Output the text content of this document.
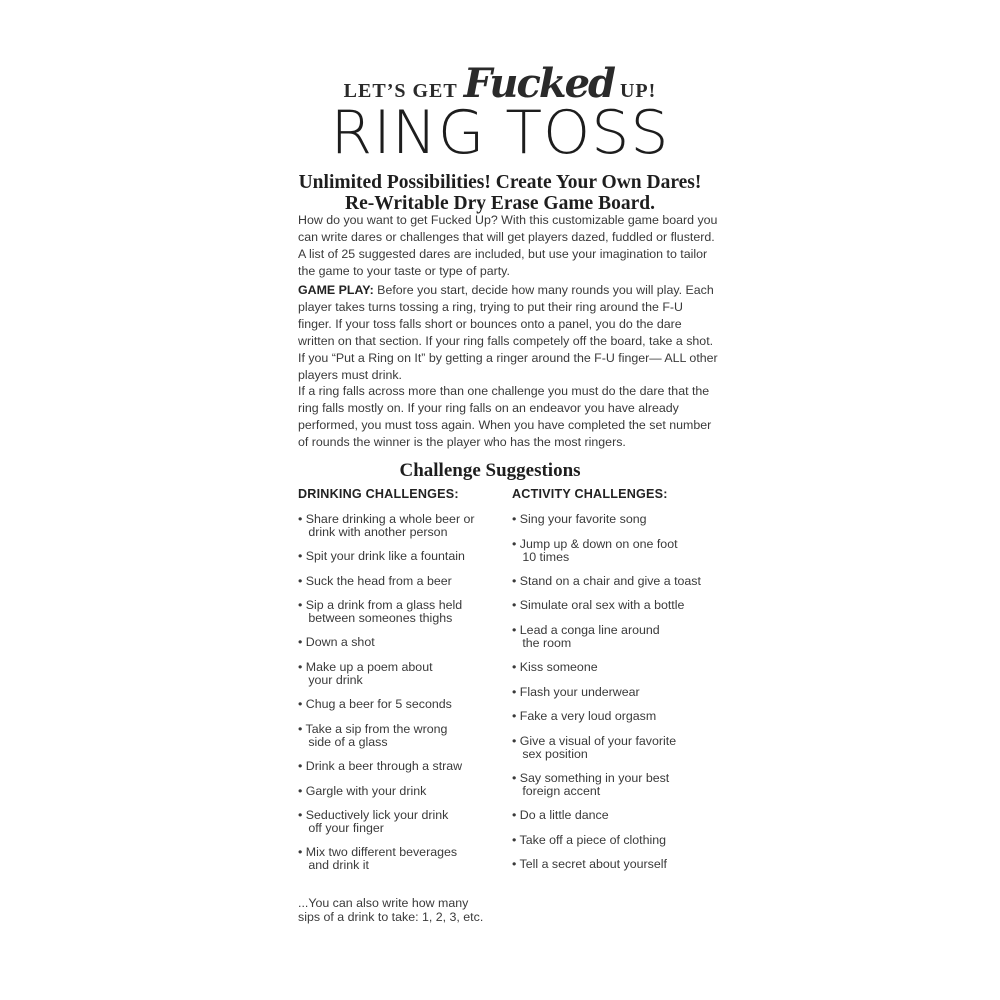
LET’S GET Fucked UP!
RING TOSS
Unlimited Possibilities! Create Your Own Dares!
Re-Writable Dry Erase Game Board.

How do you want to get Fucked Up? With this customizable game board you can write dares or challenges that will get players dazed, fuddled or flusterd. A list of 25 suggested dares are included, but use your imagination to tailor the game to your taste or type of party.

GAME PLAY: Before you start, decide how many rounds you will play. Each player takes turns tossing a ring, trying to put their ring around the F-U finger. If your toss falls short or bounces onto a panel, you do the dare written on that section. If your ring falls competely off the board, take a shot. If you “Put a Ring on It” by getting a ringer around the F-U finger— ALL other players must drink.

If a ring falls across more than one challenge you must do the dare that the ring falls mostly on. If your ring falls on an endeavor you have already performed, you must toss again. When you have completed the set number of rounds the winner is the player who has the most ringers.

Challenge Suggestions
DRINKING CHALLENGES:	ACTIVITY CHALLENGES:
• Share drinking a whole beer or
drink with another person
• Spit your drink like a fountain
• Suck the head from a beer
• Sip a drink from a glass held
between someones thighs
• Down a shot
• Make up a poem about
your drink
• Chug a beer for 5 seconds
• Take a sip from the wrong
side of a glass
• Drink a beer through a straw
• Gargle with your drink
• Seductively lick your drink
off your finger
• Mix two different beverages
and drink it
• Sing your favorite song
• Jump up & down on one foot
10 times
• Stand on a chair and give a toast
• Simulate oral sex with a bottle
• Lead a conga line around
the room
• Kiss someone
• Flash your underwear
• Fake a very loud orgasm
• Give a visual of your favorite
sex position
• Say something in your best
foreign accent
• Do a little dance
• Take off a piece of clothing
• Tell a secret about yourself
...You can also write how many
sips of a drink to take: 1, 2, 3, etc.
